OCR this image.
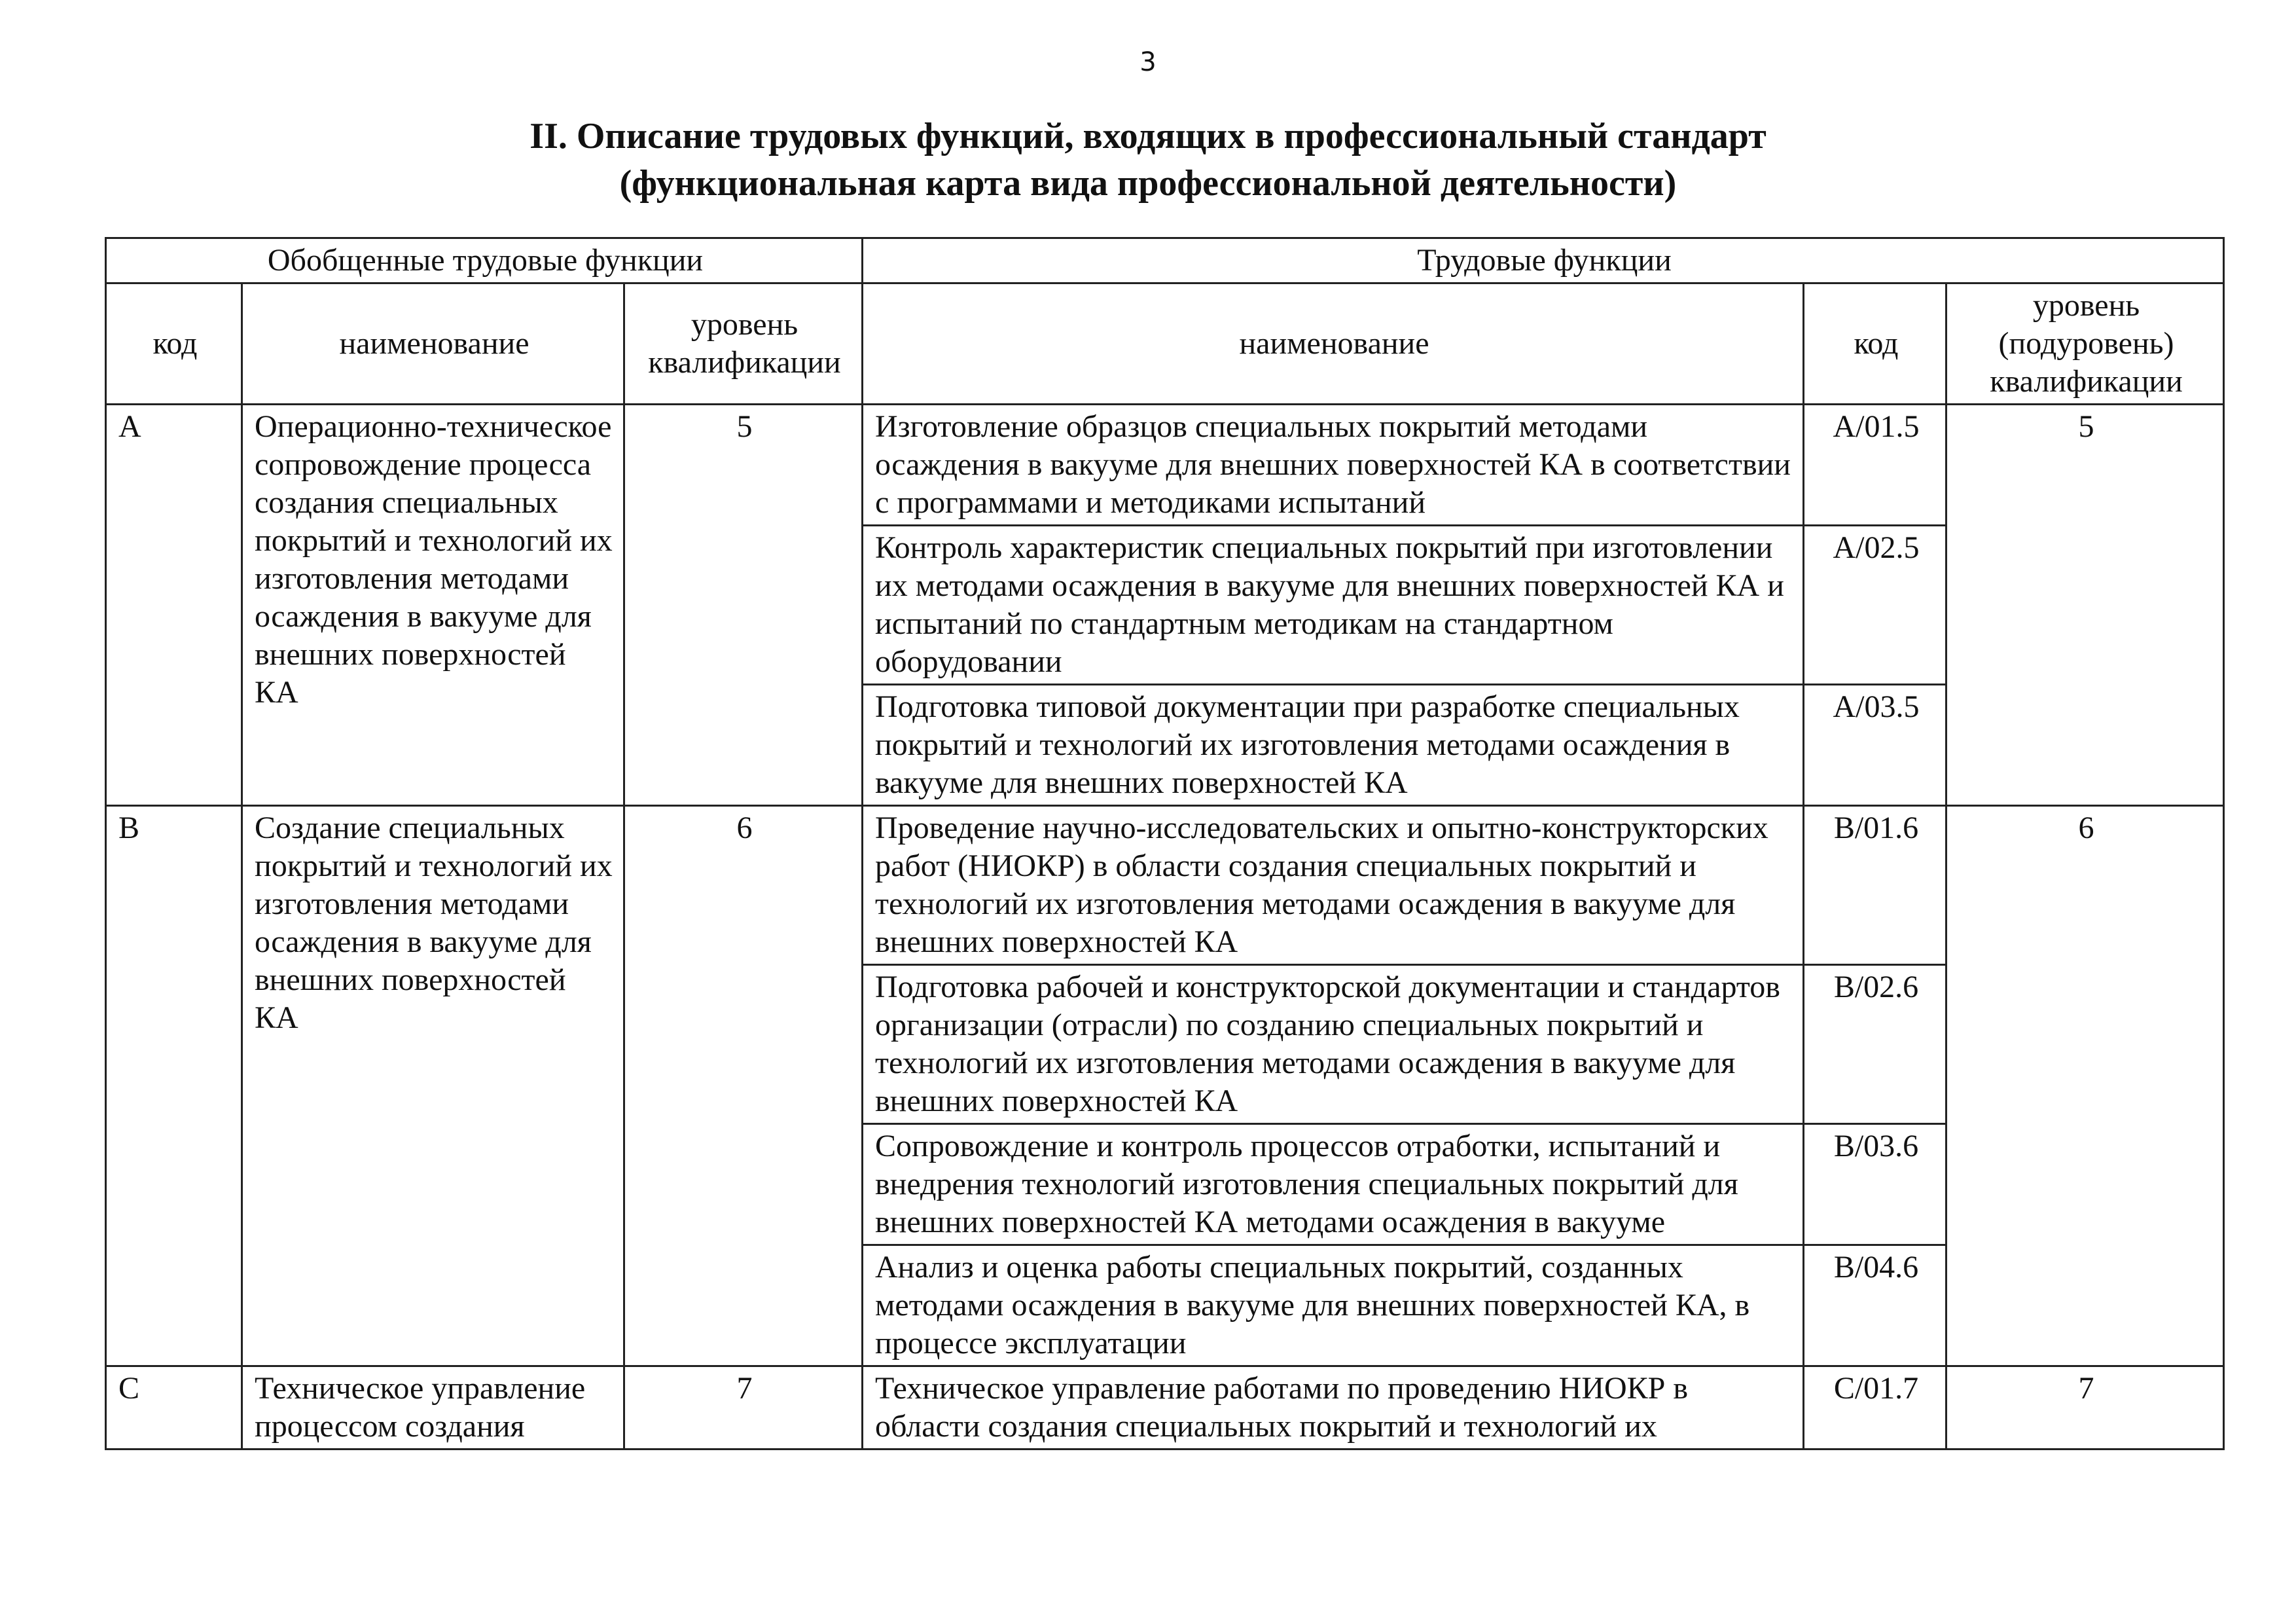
3
II. Описание трудовых функций, входящих в профессиональный стандарт
(функциональная карта вида профессиональной деятельности)
Обобщенные трудовые функции			Трудовые функции		
код	наименование	уровень квалификации	наименование	код	уровень (подуровень) квалификации
A	Операционно-техническое сопровождение процесса создания специальных покрытий и технологий их изготовления методами осаждения в вакууме для внешних поверхностей КА	5	Изготовление образцов специальных покрытий методами осаждения в вакууме для внешних поверхностей КА в соответствии с программами и методиками испытаний	A/01.5	5
			Контроль характеристик специальных покрытий при изготовлении их методами осаждения в вакууме для внешних поверхностей КА и испытаний по стандартным методикам на стандартном оборудовании	A/02.5	
			Подготовка типовой документации при разработке специальных покрытий и технологий их изготовления методами осаждения в вакууме для внешних поверхностей КА	A/03.5	
B	Создание специальных покрытий и технологий их изготовления методами осаждения в вакууме для внешних поверхностей КА	6	Проведение научно-исследовательских и опытно-конструкторских работ (НИОКР) в области создания специальных покрытий и технологий их изготовления методами осаждения в вакууме для внешних поверхностей КА	B/01.6	6
			Подготовка рабочей и конструкторской документации и стандартов организации (отрасли) по созданию специальных покрытий и технологий их изготовления методами осаждения в вакууме для внешних поверхностей КА	B/02.6	
			Сопровождение и контроль процессов отработки, испытаний и внедрения технологий изготовления специальных покрытий для внешних поверхностей КА методами осаждения в вакууме	B/03.6	
			Анализ и оценка работы специальных покрытий, созданных методами осаждения в вакууме для внешних поверхностей КА, в процессе эксплуатации	B/04.6	
C	Техническое управление процессом создания	7	Техническое управление работами по проведению НИОКР в области создания специальных покрытий и технологий их	C/01.7	7
